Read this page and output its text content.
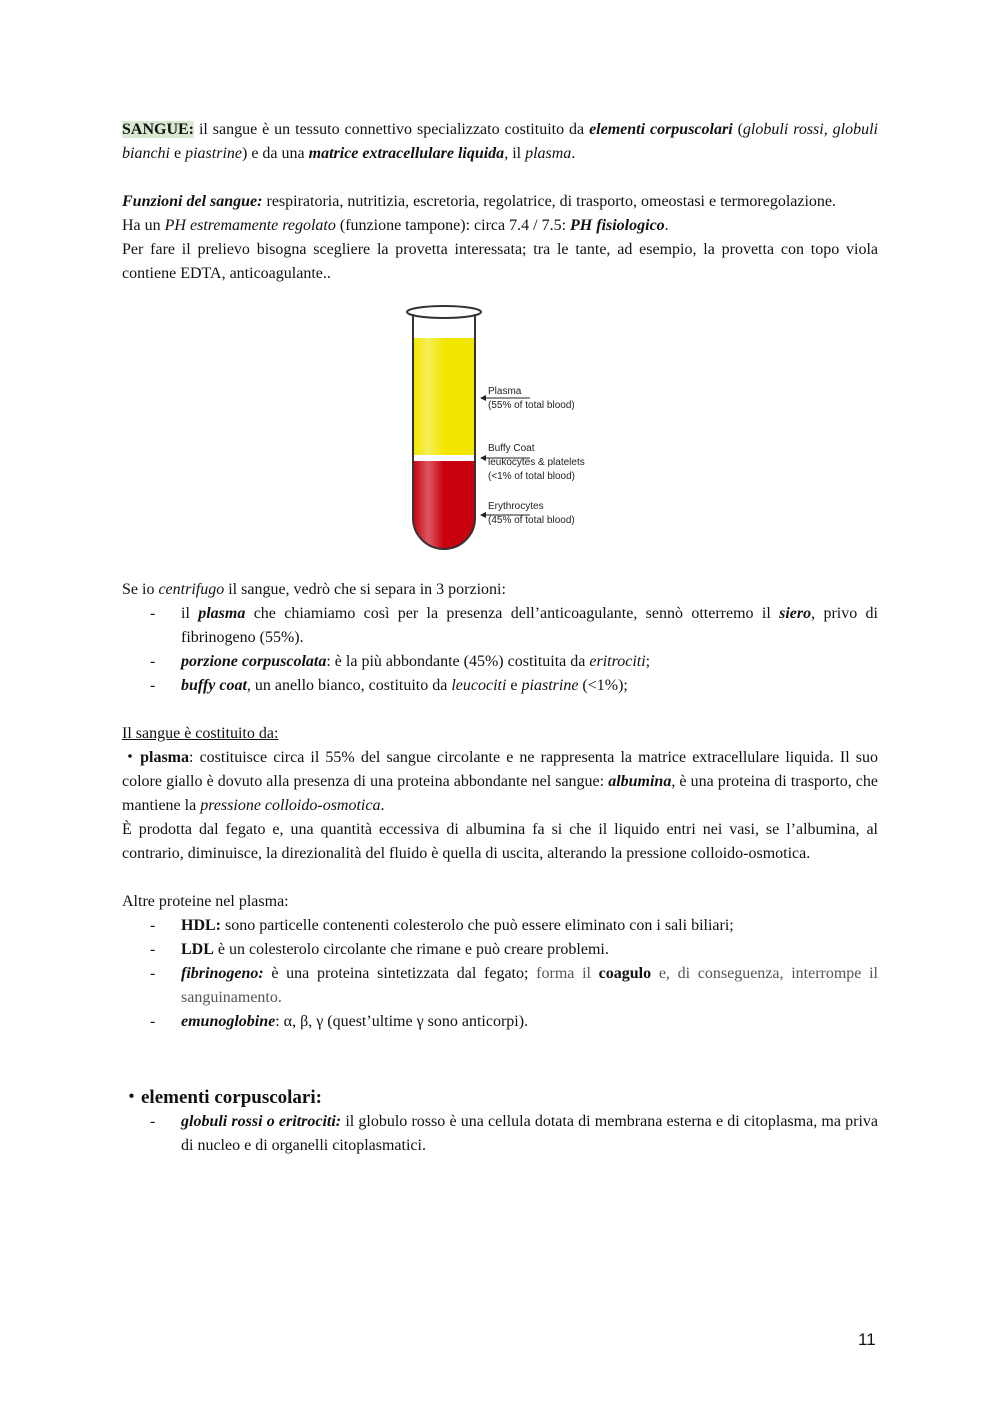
SANGUE: il sangue è un tessuto connettivo specializzato costituito da elementi corpuscolari (globuli rossi, globuli bianchi e piastrine) e da una matrice extracellulare liquida, il plasma.

Funzioni del sangue: respiratoria, nutritizia, escretoria, regolatrice, di trasporto, omeostasi e termoregolazione.

Ha un PH estremamente regolato (funzione tampone): circa 7.4 / 7.5: PH fisiologico.

Per fare il prelievo bisogna scegliere la provetta interessata; tra le tante, ad esempio, la provetta con topo viola contiene EDTA, anticoagulante..

Plasma
(55% of total blood)
Buffy Coat
leukocytes & platelets
(<1% of total blood)
Erythrocytes
(45% of total blood)

Se io centrifugo il sangue, vedrò che si separa in 3 porzioni:

- il plasma che chiamiamo così per la presenza dell’anticoagulante, sennò otterremo il siero, privo di fibrinogeno (55%).
- porzione corpuscolata: è la più abbondante (45%) costituita da eritrociti;
- buffy coat, un anello bianco, costituito da leucociti e piastrine (<1%);

Il sangue è costituito da:

・plasma: costituisce circa il 55% del sangue circolante e ne rappresenta la matrice extracellulare liquida. Il suo colore giallo è dovuto alla presenza di una proteina abbondante nel sangue: albumina, è una proteina di trasporto, che mantiene la pressione colloido-osmotica.

È prodotta dal fegato e, una quantità eccessiva di albumina fa si che il liquido entri nei vasi, se l’albumina, al contrario, diminuisce, la direzionalità del fluido è quella di uscita, alterando la pressione colloido-osmotica.

Altre proteine nel plasma:

- HDL: sono particelle contenenti colesterolo che può essere eliminato con i sali biliari;
- LDL è un colesterolo circolante che rimane e può creare problemi.
- fibrinogeno: è una proteina sintetizzata dal fegato; forma il coagulo e, di conseguenza, interrompe il sanguinamento.
- emunoglobine: α, β, γ (quest’ultime γ sono anticorpi).

・elementi corpuscolari:

- globuli rossi o eritrociti: il globulo rosso è una cellula dotata di membrana esterna e di citoplasma, ma priva di nucleo e di organelli citoplasmatici.
11
